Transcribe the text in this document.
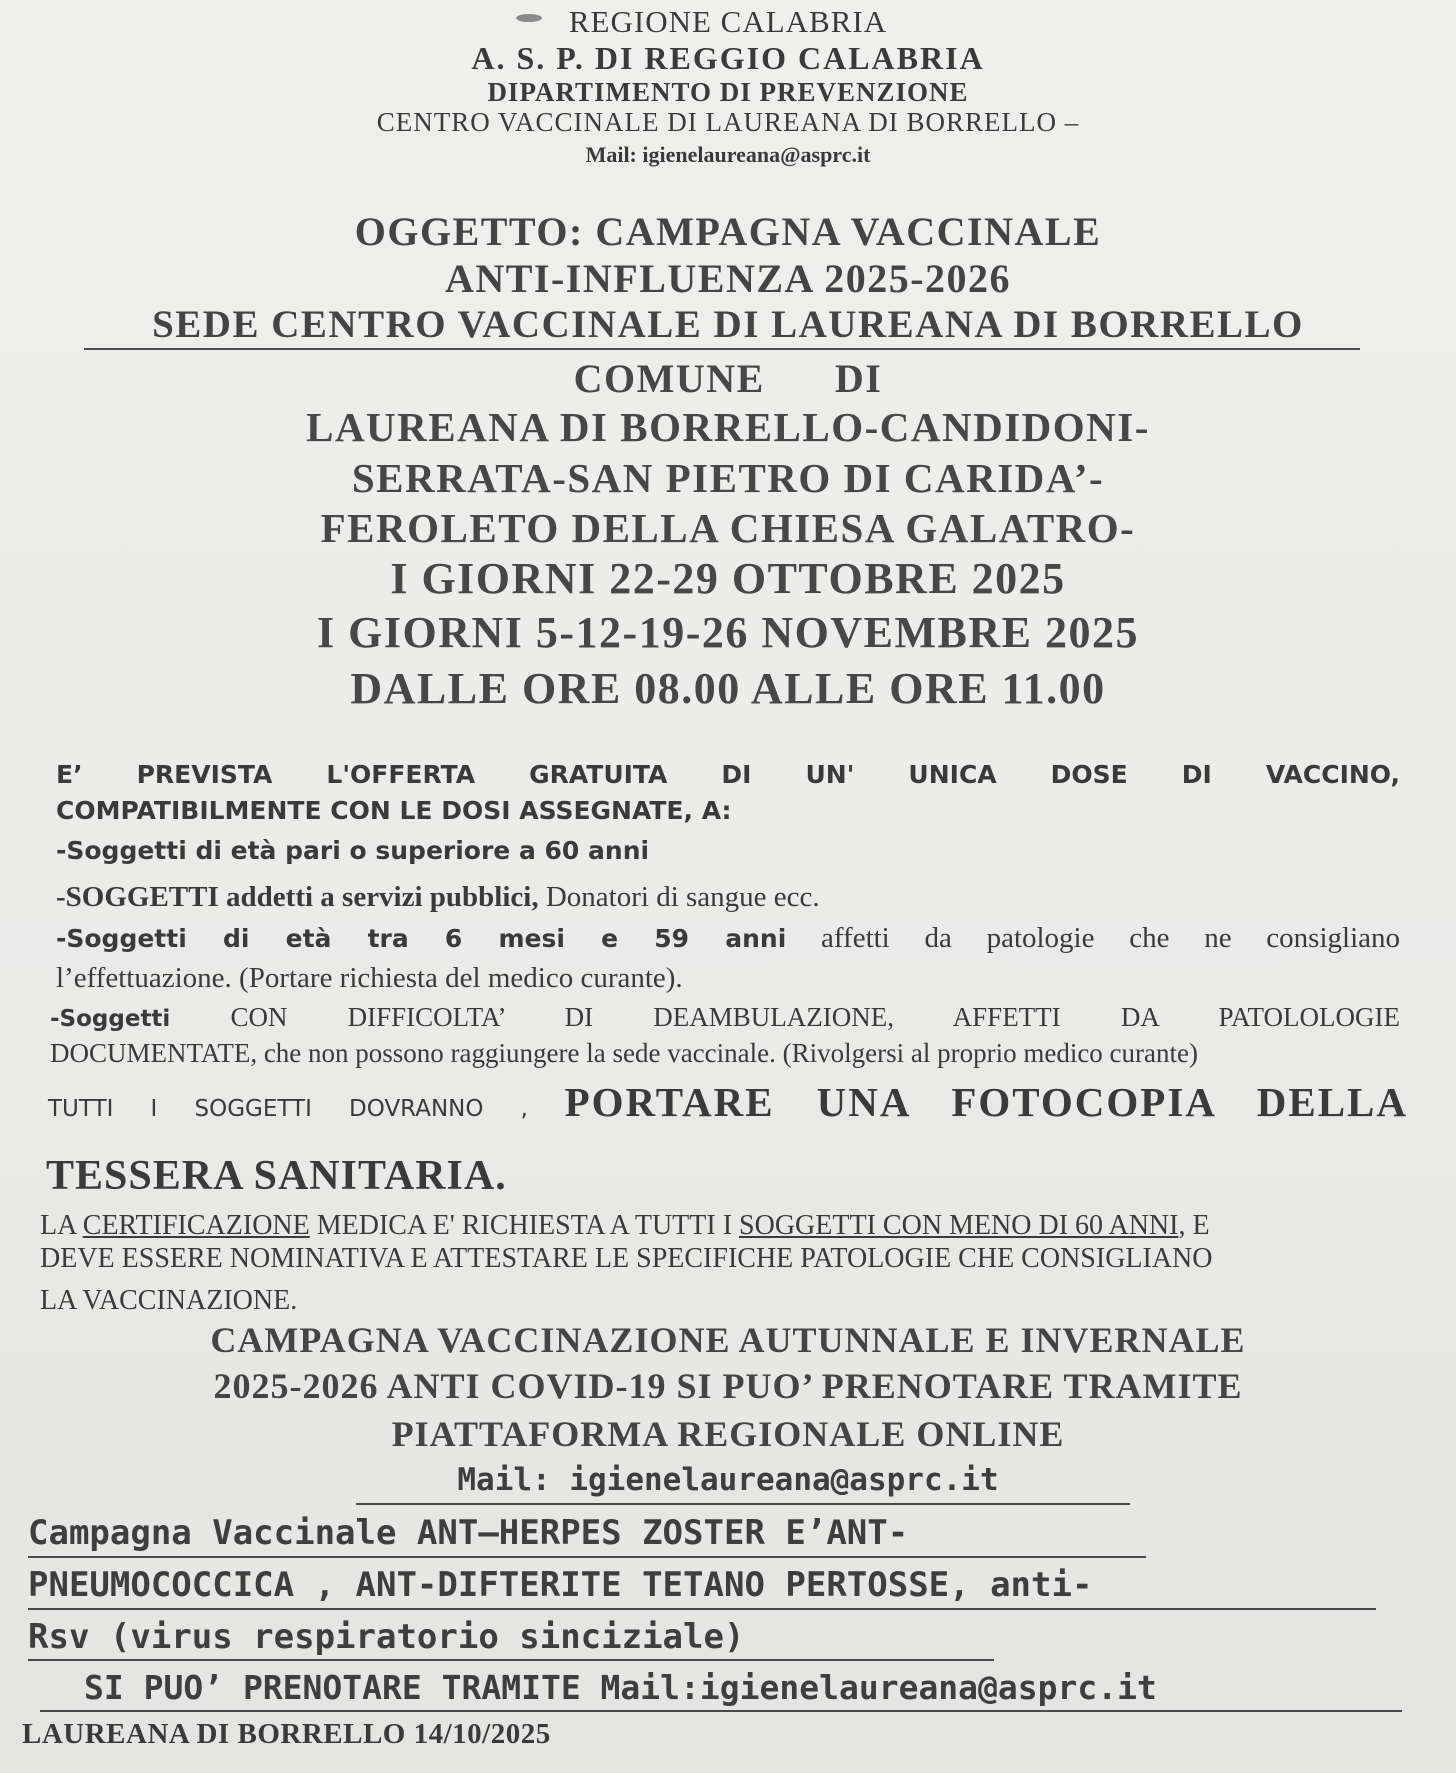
REGIONE CALABRIA
A. S. P. DI REGGIO CALABRIA
DIPARTIMENTO DI PREVENZIONE
CENTRO VACCINALE DI LAUREANA DI BORRELLO –
Mail: igienelaureana@asprc.it
OGGETTO: CAMPAGNA VACCINALE
ANTI-INFLUENZA 2025-2026
SEDE CENTRO VACCINALE DI LAUREANA DI BORRELLO
COMUNE DI
LAUREANA DI BORRELLO-CANDIDONI-
SERRATA-SAN PIETRO DI CARIDA’-
FEROLETO DELLA CHIESA GALATRO-
I GIORNI 22-29 OTTOBRE 2025
I GIORNI 5-12-19-26 NOVEMBRE 2025
DALLE ORE 08.00 ALLE ORE 11.00
E’ PREVISTA L'OFFERTA GRATUITA DI UN' UNICA DOSE DI VACCINO,
COMPATIBILMENTE CON LE DOSI ASSEGNATE, A:
-Soggetti di età pari o superiore a 60 anni
-SOGGETTI addetti a servizi pubblici, Donatori di sangue ecc.
-Soggetti di età tra 6 mesi e 59 anni affetti da patologie che ne consigliano
l’effettuazione. (Portare richiesta del medico curante).
-Soggetti CON DIFFICOLTA’ DI DEAMBULAZIONE, AFFETTI DA PATOLOLOGIE
DOCUMENTATE, che non possono raggiungere la sede vaccinale. (Rivolgersi al proprio medico curante)
TUTTI I SOGGETTI DOVRANNO , PORTARE UNA FOTOCOPIA DELLA
TESSERA SANITARIA.
LA CERTIFICAZIONE MEDICA E' RICHIESTA A TUTTI I SOGGETTI CON MENO DI 60 ANNI, E
DEVE ESSERE NOMINATIVA E ATTESTARE LE SPECIFICHE PATOLOGIE CHE CONSIGLIANO
LA VACCINAZIONE.
CAMPAGNA VACCINAZIONE AUTUNNALE E INVERNALE
2025-2026 ANTI COVID-19 SI PUO’ PRENOTARE TRAMITE
PIATTAFORMA REGIONALE ONLINE
Mail: igienelaureana@asprc.it
Campagna Vaccinale ANT–HERPES ZOSTER E’ANT-
PNEUMOCOCCICA , ANT-DIFTERITE TETANO PERTOSSE, anti-
Rsv (virus respiratorio sinciziale)
SI PUO’ PRENOTARE TRAMITE Mail:igienelaureana@asprc.it
LAUREANA DI BORRELLO 14/10/2025
